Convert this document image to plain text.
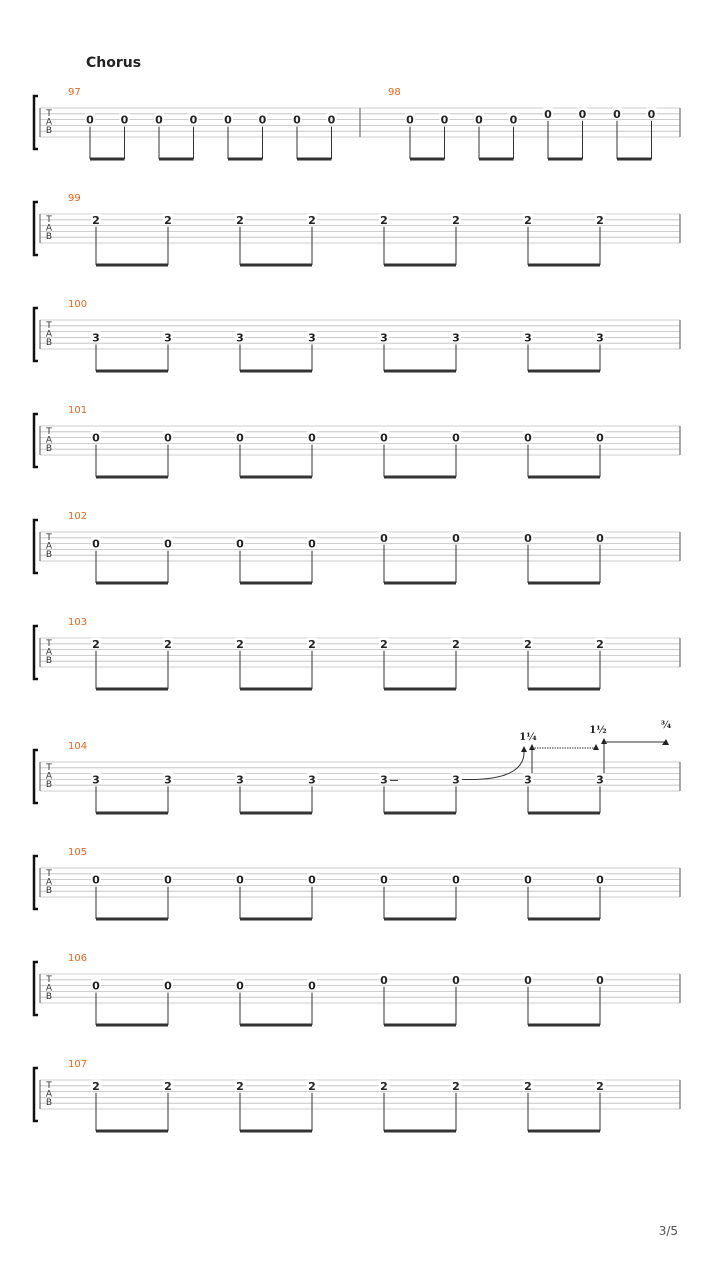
Chorus
T
A
B
97
0 0 0 0 0 0 0 0
98
0 0 0 0 0 0 0 0
T
A
B
99
2	2	2	2	2	2	2	2
T
A
B
100
3	3	3	3	3	3	3	3
T
A
B
101
0	0	0	0	0	0	0	0
T
A
B
102
0	0	0	0	0	0	0	0
T
A
B
103
2	2	2	2	2	2	2	2
T
A
B
104
3	3	3	3	3	3	3	3
1¼
1½	¾
T
A
B
105
0	0	0	0	0	0	0	0
T
A
B
106
0	0	0	0	0	0	0	0
T
A
B
107
2	2	2	2	2	2	2	2
3/5
